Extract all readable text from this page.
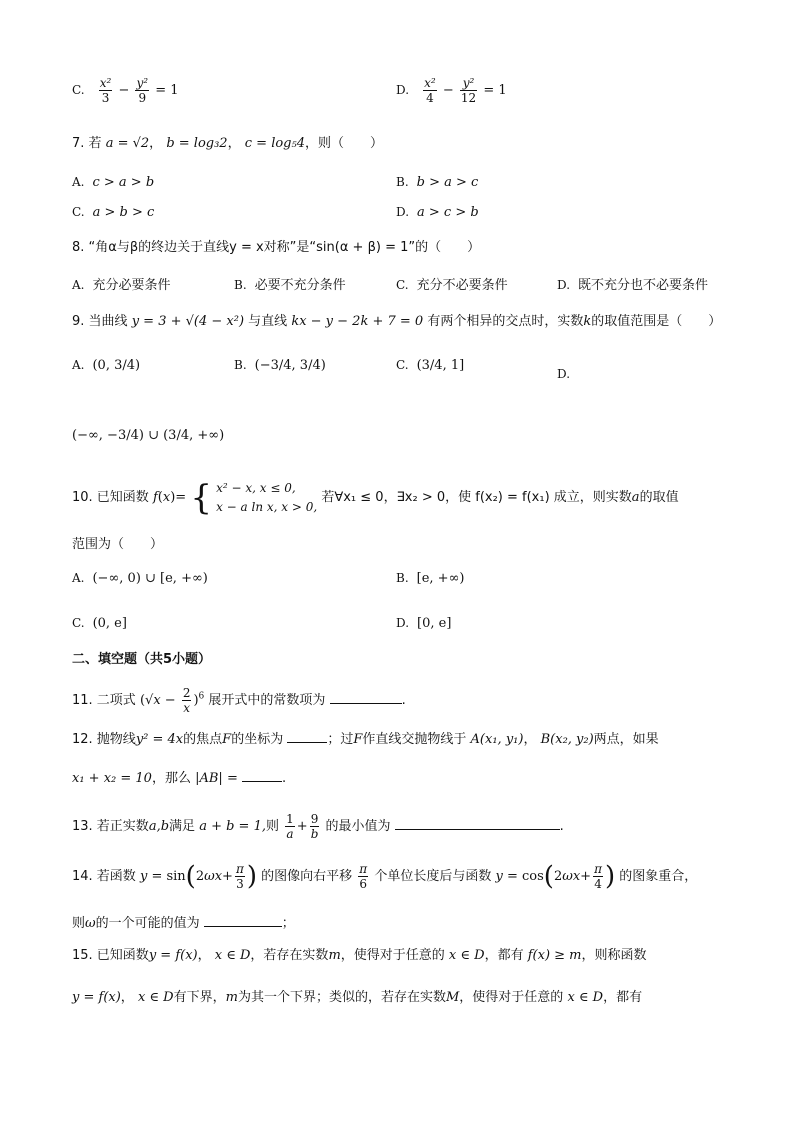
C. $\frac{\text{x²}}{3} - \frac{\text{y²}}{9} = 1$	D. $\frac{\text{x²}}{4} - \frac{\text{y²}}{12} = 1$
7. 若 a = √2， b = log₃2， c = log₅4，则（　　）
A. c > a > b	B. b > a > c
C. a > b > c	D. a > c > b
8. “角α与β的终边关于直线y = x对称”是“sin(α + β) = 1”的（　　）
A. 充分必要条件	B. 必要不充分条件	C. 充分不必要条件	D. 既不充分也不必要条件
9. 当曲线 y = 3 + √(4 − x²) 与直线 kx − y − 2k + 7 = 0 有两个相异的交点时，实数k的取值范围是（　　）
A. (0, 3/4)	B. (−3/4, 3/4)	C. (3/4, 1]
D.
(−∞, −3/4) ∪ (3/4, +∞)
10. 已知函数 f(x)= { x² − x, x ≤ 0,
x − a ln x, x > 0,
若∀x₁ ≤ 0，∃x₂ > 0，使 f(x₂) = f(x₁) 成立，则实数a的取值
范围为（　　）
A. (−∞, 0) ∪ [e, +∞)	B. [e, +∞)
C. (0, e]	D. [0, e]
二、填空题（共5小题）
11. 二项式 $(√x - \frac{2}{x} )^6$ 展开式中的常数项为	.
12. 抛物线y² = 4x的焦点F的坐标为	；过F作直线交抛物线于 A(x₁, y₁)， B(x₂, y₂)两点，如果
x₁ + x₂ = 10，那么 |AB| =	.
13. 若正实数a,b满足 a + b = 1,则 $\frac{1}{a} + \frac{9}{b}$ 的最小值为	.
14. 若函数 $y = \sin(2\omega x+ \frac{\pi}{3}$ ) 的图像向右平移 $\frac{\pi}{6}$ 个单位长度后与函数 $y = \cos(2\omega x+ \frac{\pi}{4}$ ) 的图象重合，
则ω的一个可能的值为	；
15. 已知函数y = f(x)， x ∈ D，若存在实数m，使得对于任意的 x ∈ D，都有 f(x) ≥ m，则称函数
y = f(x)， x ∈ D有下界，m为其一个下界；类似的，若存在实数M，使得对于任意的 x ∈ D，都有
